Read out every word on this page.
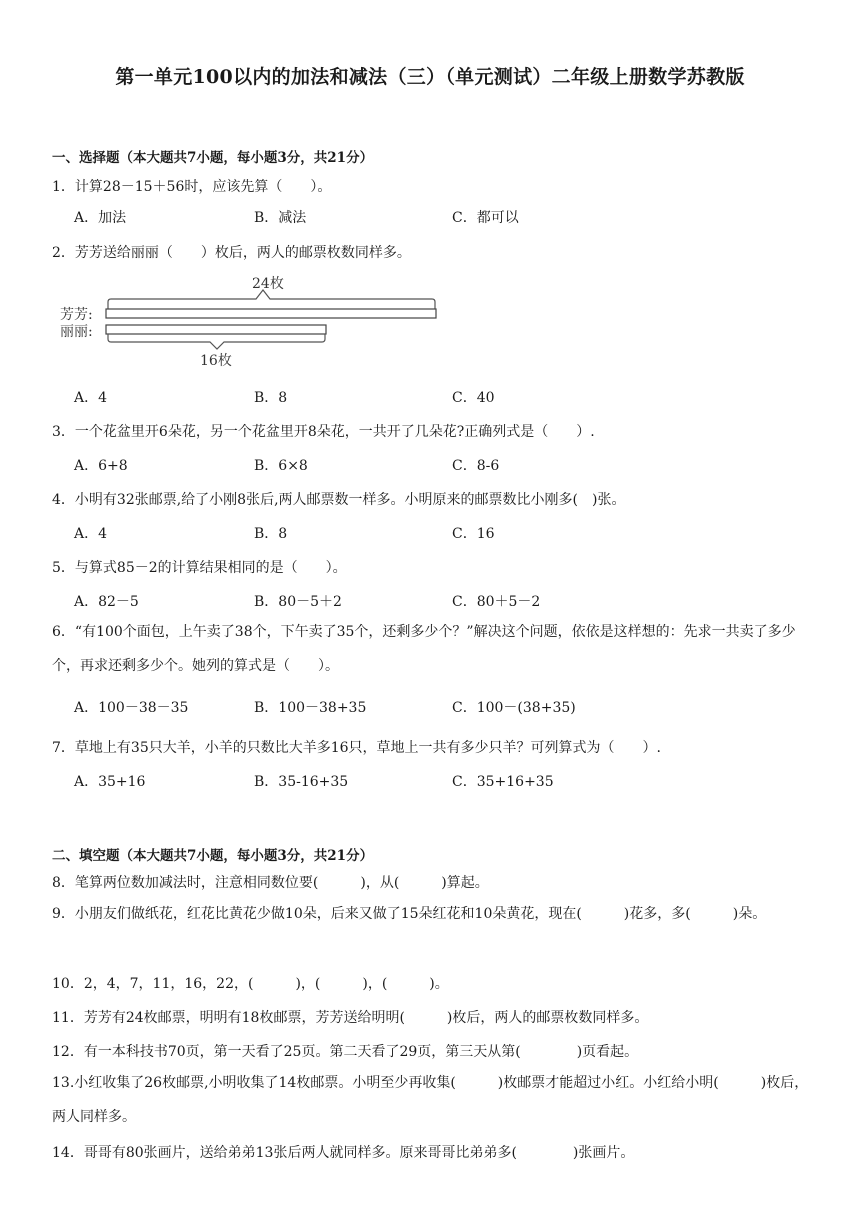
第一单元100以内的加法和减法（三）（单元测试）二年级上册数学苏教版
一、选择题（本大题共7小题，每小题3分，共21分）
1．计算28－15＋56时，应该先算（　　）。
A．加法	B．减法	C．都可以
2．芳芳送给丽丽（　　）枚后，两人的邮票枚数同样多。
芳芳:
丽丽:
24枚
16枚
A．4	B．8	C．40
3．一个花盆里开6朵花，另一个花盆里开8朵花，一共开了几朵花?正确列式是（　　）.
A．6+8	B．6×8	C．8-6
4．小明有32张邮票,给了小刚8张后,两人邮票数一样多。小明原来的邮票数比小刚多(　)张。
A．4	B．8	C．16
5．与算式85－2的计算结果相同的是（　　）。
A．82－5	B．80－5＋2	C．80＋5－2
6．“有100个面包，上午卖了38个，下午卖了35个，还剩多少个？”解决这个问题，依依是这样想的：先求一共卖了多少个，再求还剩多少个。她列的算式是（　　）。
A．100－38－35	B．100－38+35	C．100－(38+35)
7．草地上有35只大羊，小羊的只数比大羊多16只，草地上一共有多少只羊？可列算式为（　　）.
A．35+16	B．35-16+35	C．35+16+35
二、填空题（本大题共7小题，每小题3分，共21分）
8．笔算两位数加减法时，注意相同数位要(　　　)，从(　　　)算起。
9．小朋友们做纸花，红花比黄花少做10朵，后来又做了15朵红花和10朵黄花，现在(　　　)花多，多(　　　)朵。
10．2，4，7，11，16，22，(　　　)，(　　　)，(　　　)。
11．芳芳有24枚邮票，明明有18枚邮票，芳芳送给明明(　　　)枚后，两人的邮票枚数同样多。
12．有一本科技书70页，第一天看了25页。第二天看了29页，第三天从第(　　　　)页看起。
13.小红收集了26枚邮票,小明收集了14枚邮票。小明至少再收集(　　　)枚邮票才能超过小红。小红给小明(　　　)枚后，两人同样多。
14．哥哥有80张画片，送给弟弟13张后两人就同样多。原来哥哥比弟弟多(　　　　)张画片。
